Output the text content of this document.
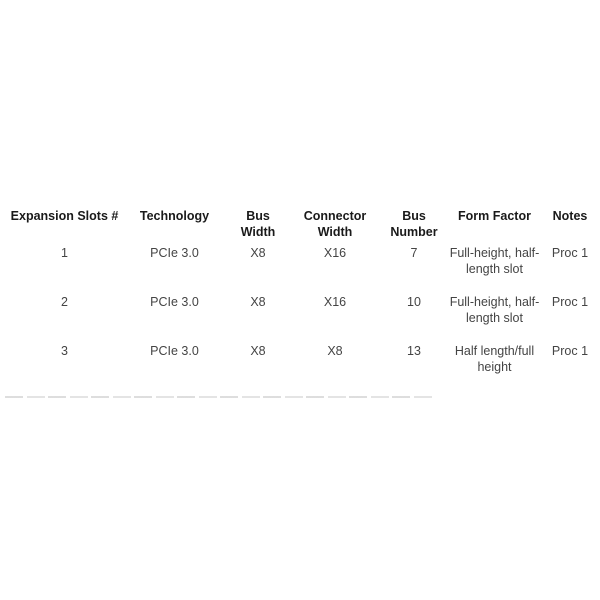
Expansion Slots #	Technology	Bus Width	Connector Width	Bus Number	Form Factor	Notes
1	PCIe 3.0	X8	X16	7	Full-height, half-length slot	Proc 1
2	PCIe 3.0	X8	X16	10	Full-height, half-length slot	Proc 1
3	PCIe 3.0	X8	X8	13	Half length/full height	Proc 1
